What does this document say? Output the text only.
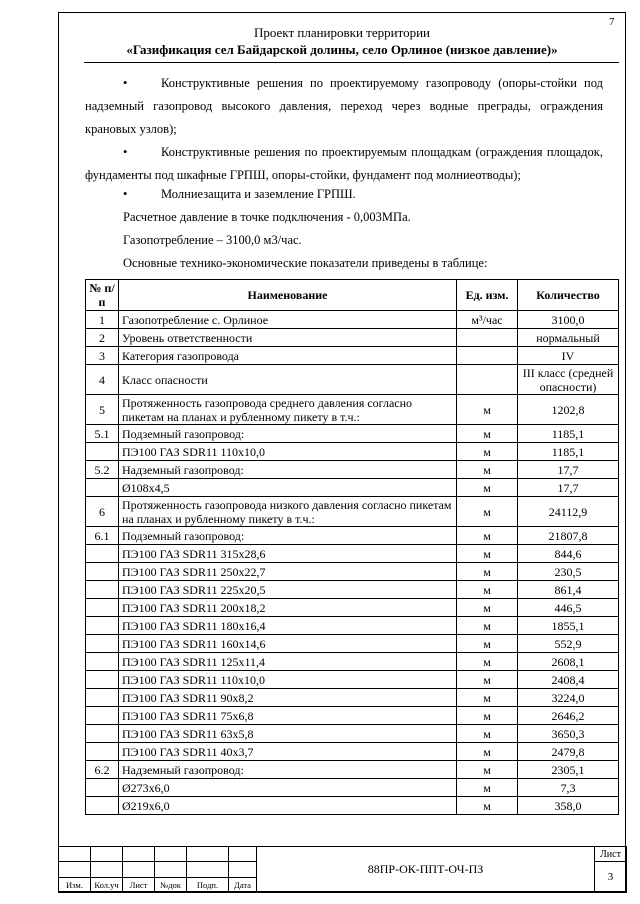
7
Проект планировки территории
«Газификация сел Байдарской долины, село Орлиное (низкое давление)»
•	Конструктивные решения по проектируемому газопроводу (опоры-стойки под надземный газопровод высокого давления, переход через водные преграды, ограждения крановых узлов);
•	Конструктивные решения по проектируемым площадкам (ограждения площадок, фундаменты под шкафные ГРПШ, опоры-стойки, фундамент под молниеотводы);
•	Молниезащита и заземление ГРПШ.
Расчетное давление в точке подключения - 0,003МПа.
Газопотребление – 3100,0 м3/час.
Основные технико-экономические показатели приведены в таблице:
№ п/п	Наименование	Ед. изм.	Количество
1	Газопотребление с. Орлиное	м³/час	3100,0
2	Уровень ответственности		нормальный
3	Категория газопровода		IV
4	Класс опасности		III класс (средней опасности)
5	Протяженность газопровода среднего давления согласно пикетам на планах и рубленному пикету в т.ч.:	м	1202,8
5.1	Подземный газопровод:	м	1185,1
	ПЭ100 ГАЗ SDR11 110х10,0	м	1185,1
5.2	Надземный газопровод:	м	17,7
	Ø108х4,5	м	17,7
6	Протяженность газопровода низкого давления согласно пикетам на планах и рубленному пикету в т.ч.:	м	24112,9
6.1	Подземный газопровод:	м	21807,8
	ПЭ100 ГАЗ SDR11 315х28,6	м	844,6
	ПЭ100 ГАЗ SDR11 250х22,7	м	230,5
	ПЭ100 ГАЗ SDR11 225х20,5	м	861,4
	ПЭ100 ГАЗ SDR11 200х18,2	м	446,5
	ПЭ100 ГАЗ SDR11 180х16,4	м	1855,1
	ПЭ100 ГАЗ SDR11 160х14,6	м	552,9
	ПЭ100 ГАЗ SDR11 125х11,4	м	2608,1
	ПЭ100 ГАЗ SDR11 110х10,0	м	2408,4
	ПЭ100 ГАЗ SDR11 90х8,2	м	3224,0
	ПЭ100 ГАЗ SDR11 75х6,8	м	2646,2
	ПЭ100 ГАЗ SDR11 63х5,8	м	3650,3
	ПЭ100 ГАЗ SDR11 40х3,7	м	2479,8
6.2	Надземный газопровод:	м	2305,1
	Ø273х6,0	м	7,3
	Ø219х6,0	м	358,0
						88ПР-ОК-ППТ-ОЧ-ПЗ	Лист
							3
Изм.	Кол.уч	Лист	№док	Подп.	Дата		
